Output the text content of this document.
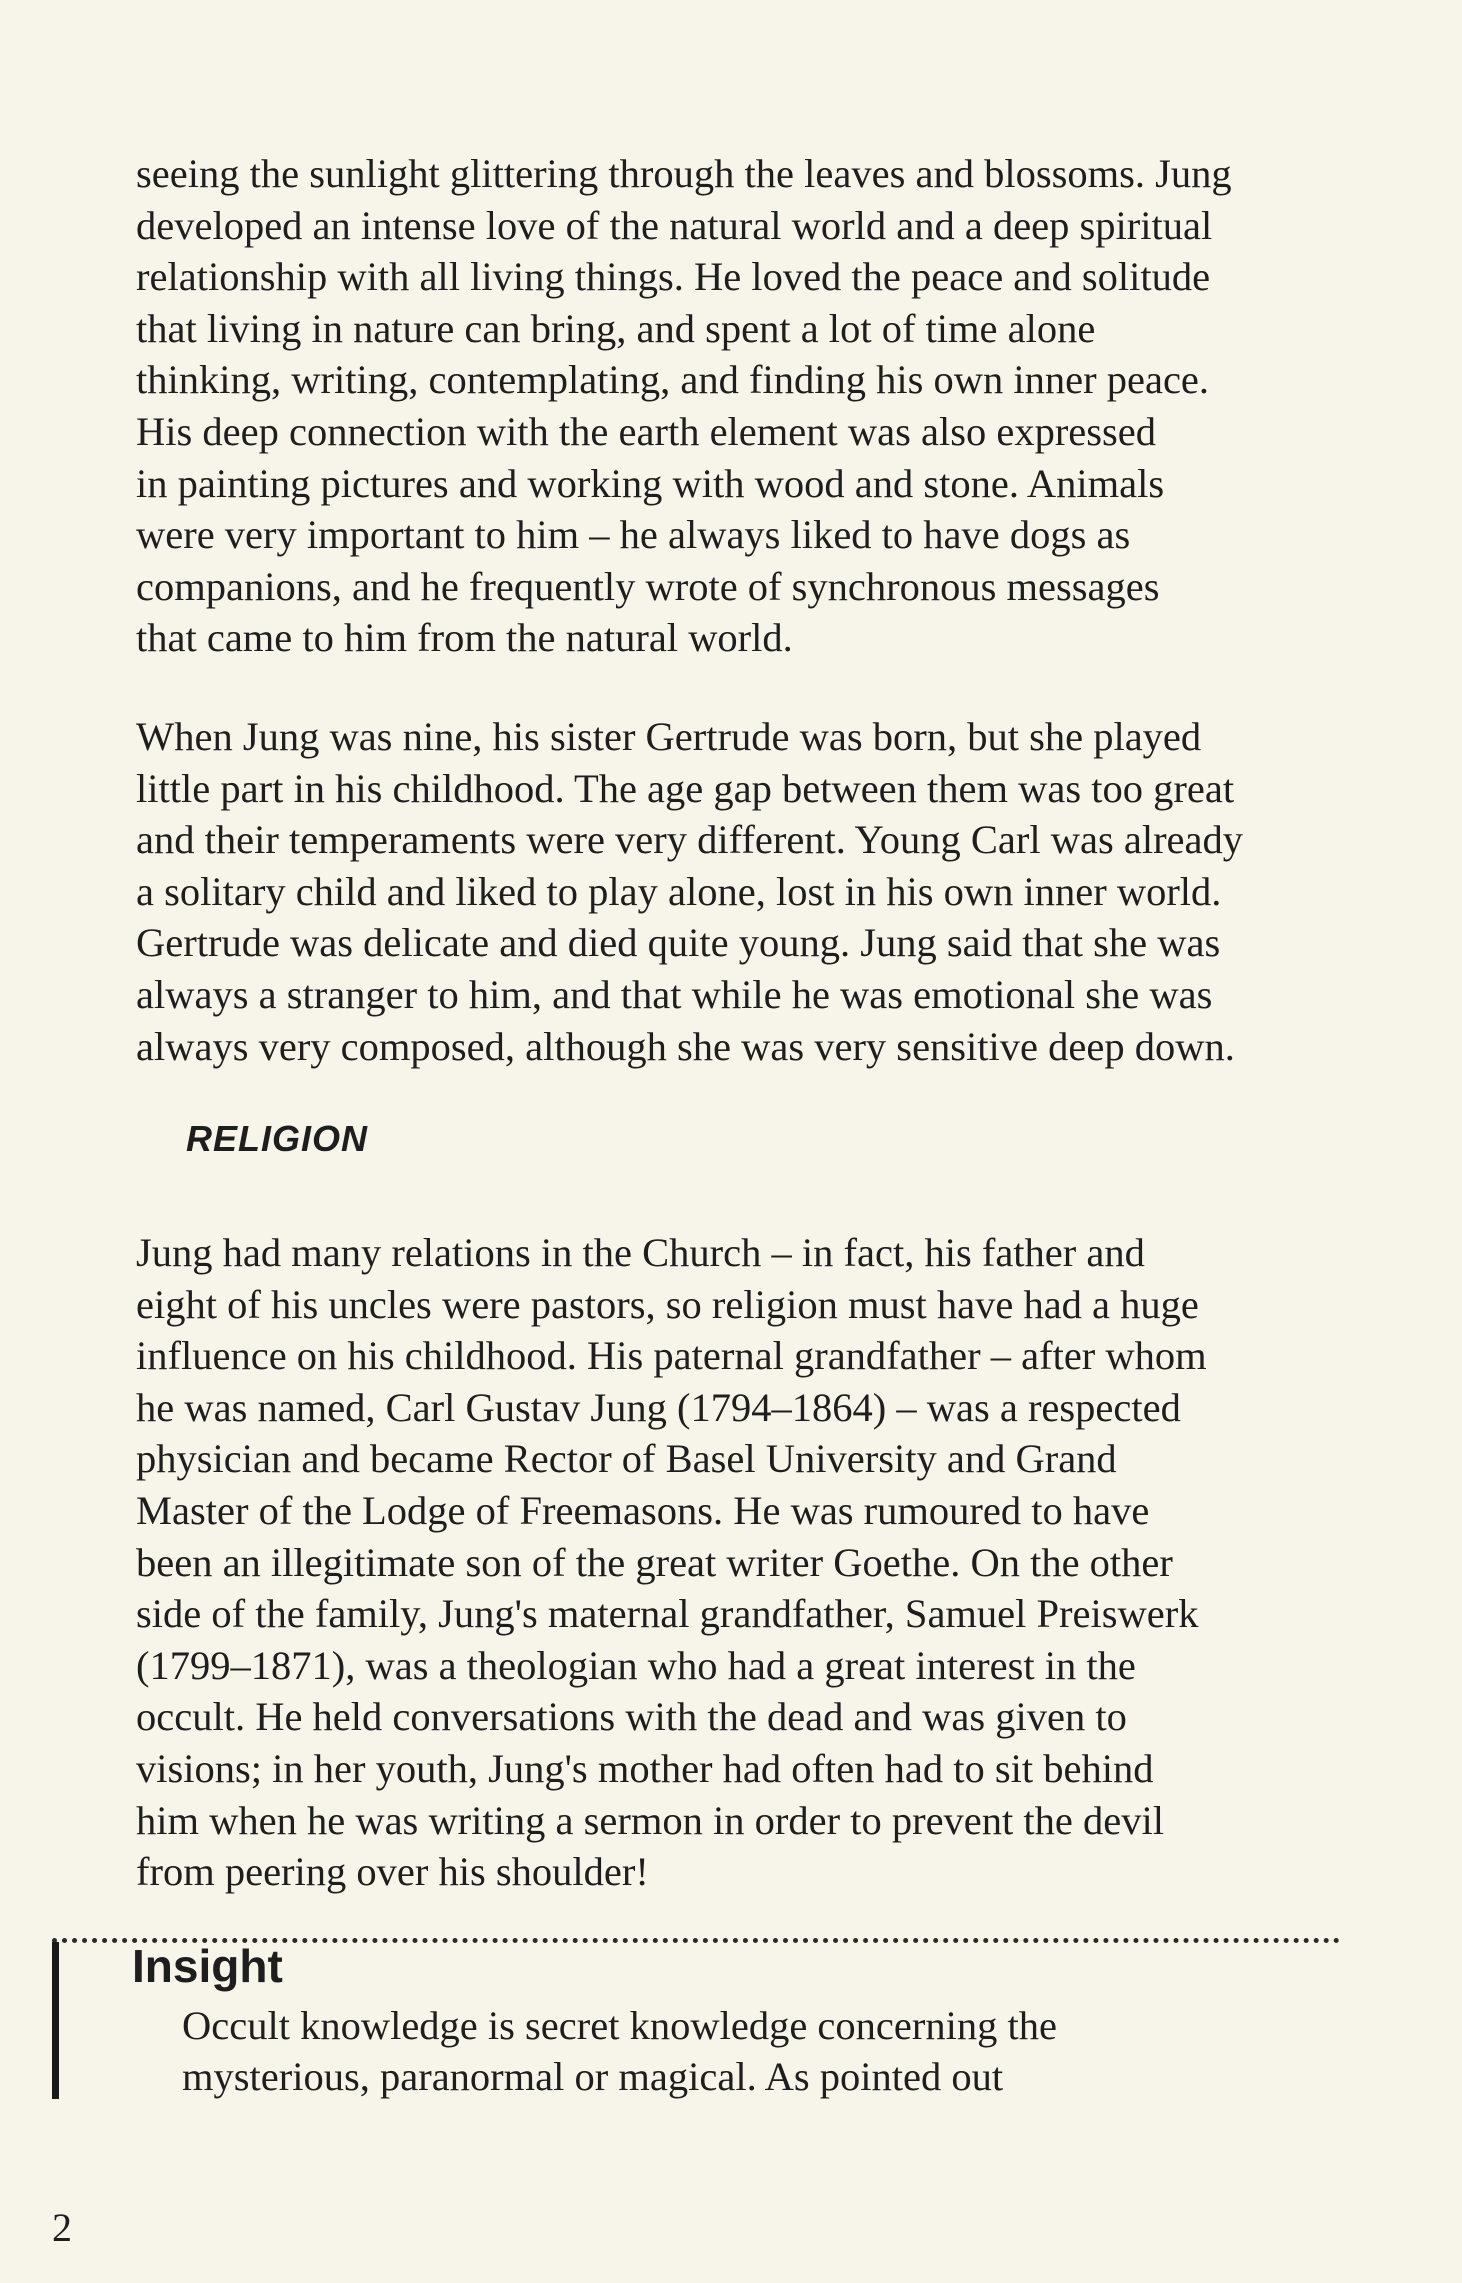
seeing the sunlight glittering through the leaves and blossoms. Jung
developed an intense love of the natural world and a deep spiritual
relationship with all living things. He loved the peace and solitude
that living in nature can bring, and spent a lot of time alone
thinking, writing, contemplating, and finding his own inner peace.
His deep connection with the earth element was also expressed
in painting pictures and working with wood and stone. Animals
were very important to him – he always liked to have dogs as
companions, and he frequently wrote of synchronous messages
that came to him from the natural world.
When Jung was nine, his sister Gertrude was born, but she played
little part in his childhood. The age gap between them was too great
and their temperaments were very different. Young Carl was already
a solitary child and liked to play alone, lost in his own inner world.
Gertrude was delicate and died quite young. Jung said that she was
always a stranger to him, and that while he was emotional she was
always very composed, although she was very sensitive deep down.
RELIGION
Jung had many relations in the Church – in fact, his father and
eight of his uncles were pastors, so religion must have had a huge
influence on his childhood. His paternal grandfather – after whom
he was named, Carl Gustav Jung (1794–1864) – was a respected
physician and became Rector of Basel University and Grand
Master of the Lodge of Freemasons. He was rumoured to have
been an illegitimate son of the great writer Goethe. On the other
side of the family, Jung's maternal grandfather, Samuel Preiswerk
(1799–1871), was a theologian who had a great interest in the
occult. He held conversations with the dead and was given to
visions; in her youth, Jung's mother had often had to sit behind
him when he was writing a sermon in order to prevent the devil
from peering over his shoulder!
Insight
Occult knowledge is secret knowledge concerning the
mysterious, paranormal or magical. As pointed out
2
